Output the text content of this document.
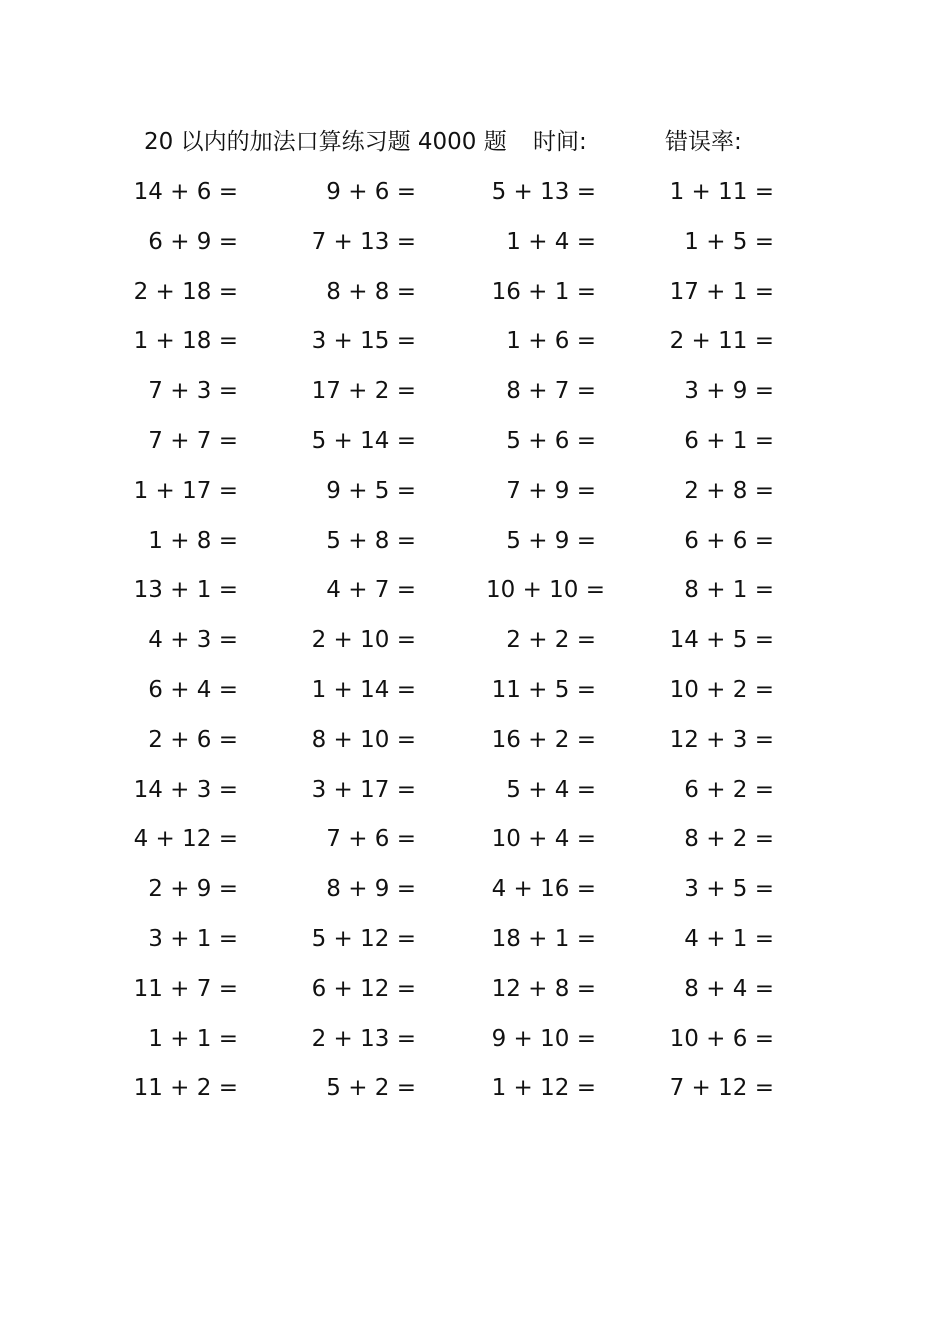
20 以内的加法口算练习题 4000 题 时间:	错误率:
14 + 6 =	9 + 6 =	5 + 13 =	1 + 11 =
6 + 9 =	7 + 13 =	1 + 4 =	1 + 5 =
2 + 18 =	8 + 8 =	16 + 1 =	17 + 1 =
1 + 18 =	3 + 15 =	1 + 6 =	2 + 11 =
7 + 3 =	17 + 2 =	8 + 7 =	3 + 9 =
7 + 7 =	5 + 14 =	5 + 6 =	6 + 1 =
1 + 17 =	9 + 5 =	7 + 9 =	2 + 8 =
1 + 8 =	5 + 8 =	5 + 9 =	6 + 6 =
13 + 1 =	4 + 7 =	10 + 10 =	8 + 1 =
4 + 3 =	2 + 10 =	2 + 2 =	14 + 5 =
6 + 4 =	1 + 14 =	11 + 5 =	10 + 2 =
2 + 6 =	8 + 10 =	16 + 2 =	12 + 3 =
14 + 3 =	3 + 17 =	5 + 4 =	6 + 2 =
4 + 12 =	7 + 6 =	10 + 4 =	8 + 2 =
2 + 9 =	8 + 9 =	4 + 16 =	3 + 5 =
3 + 1 =	5 + 12 =	18 + 1 =	4 + 1 =
11 + 7 =	6 + 12 =	12 + 8 =	8 + 4 =
1 + 1 =	2 + 13 =	9 + 10 =	10 + 6 =
11 + 2 =	5 + 2 =	1 + 12 =	7 + 12 =
